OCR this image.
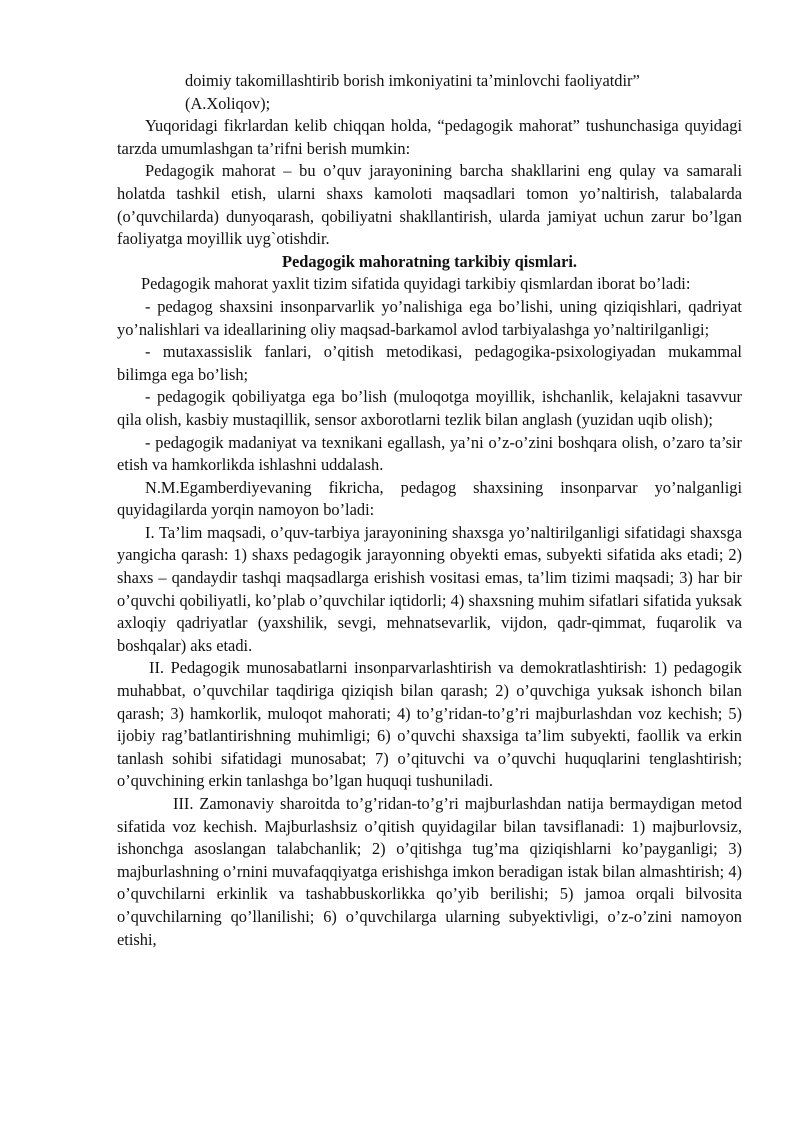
doimiy takomillashtirib borish imkoniyatini taʼminlovchi faoliyatdir”

(A.Xoliqov);

Yuqoridagi fikrlardan kelib chiqqan holda, “pedagogik mahorat” tushunchasiga quyidagi tarzda umumlashgan ta’rifni berish mumkin:

Pedagogik mahorat – bu o’quv jarayonining barcha shakllarini eng qulay va samarali holatda tashkil etish, ularni shaxs kamoloti maqsadlari tomon yo’naltirish, talabalarda (o’quvchilarda) dunyoqarash, qobiliyatni shakllantirish, ularda jamiyat uchun zarur bo’lgan faoliyatga moyillik uyg`otishdir.

Pedagogik mahoratning tarkibiy qismlari.

Pedagogik mahorat yaxlit tizim sifatida quyidagi tarkibiy qismlardan iborat bo’ladi:

- pedagog shaxsini insonparvarlik yo’nalishiga ega bo’lishi, uning qiziqishlari, qadriyat yo’nalishlari va ideallarining oliy maqsad-barkamol avlod tarbiyalashga yo’naltirilganligi;

- mutaxassislik fanlari, o’qitish metodikasi, pedagogika-psixologiyadan mukammal bilimga ega bo’lish;

- pedagogik qobiliyatga ega bo’lish (muloqotga moyillik, ishchanlik, kelajakni tasavvur qila olish, kasbiy mustaqillik, sensor axborotlarni tezlik bilan anglash (yuzidan uqib olish);

- pedagogik madaniyat va texnikani egallash, ya’ni o’z-o’zini boshqara olish, o’zaro ta’sir etish va hamkorlikda ishlashni uddalash.

N.M.Egamberdiyevaning fikricha, pedagog shaxsining insonparvar yo’nalganligi quyidagilarda yorqin namoyon bo’ladi:

I. Ta’lim maqsadi, o’quv-tarbiya jarayonining shaxsga yo’naltirilganligi sifatidagi shaxsga yangicha qarash: 1) shaxs pedagogik jarayonning obyekti emas, subyekti sifatida aks etadi; 2) shaxs – qandaydir tashqi maqsadlarga erishish vositasi emas, ta’lim tizimi maqsadi; 3) har bir o’quvchi qobiliyatli, ko’plab o’quvchilar iqtidorli; 4) shaxsning muhim sifatlari sifatida yuksak axloqiy qadriyatlar (yaxshilik, sevgi, mehnatsevarlik, vijdon, qadr-qimmat, fuqarolik va boshqalar) aks etadi.

II. Pedagogik munosabatlarni insonparvarlashtirish va demokratlashtirish: 1) pedagogik muhabbat, o’quvchilar taqdiriga qiziqish bilan qarash; 2) o’quvchiga yuksak ishonch bilan qarash; 3) hamkorlik, muloqot mahorati; 4) to’g’ridan-to’g’ri majburlashdan voz kechish; 5) ijobiy rag’batlantirishning muhimligi; 6) o’quvchi shaxsiga ta’lim subyekti, faollik va erkin tanlash sohibi sifatidagi munosabat; 7) o’qituvchi va o’quvchi huquqlarini tenglashtirish; o’quvchining erkin tanlashga bo’lgan huquqi tushuniladi.

III. Zamonaviy sharoitda to’g’ridan-to’g’ri majburlashdan natija bermaydigan metod sifatida voz kechish. Majburlashsiz o’qitish quyidagilar bilan tavsiflanadi: 1) majburlovsiz, ishonchga asoslangan talabchanlik; 2) o’qitishga tug’ma qiziqishlarni ko’payganligi; 3) majburlashning o’rnini muvafaqqiyatga erishishga imkon beradigan istak bilan almashtirish; 4) o’quvchilarni erkinlik va tashabbuskorlikka qo’yib berilishi; 5) jamoa orqali bilvosita o’quvchilarning qo’llanilishi; 6) o’quvchilarga ularning subyektivligi, o’z-o’zini namoyon etishi,
